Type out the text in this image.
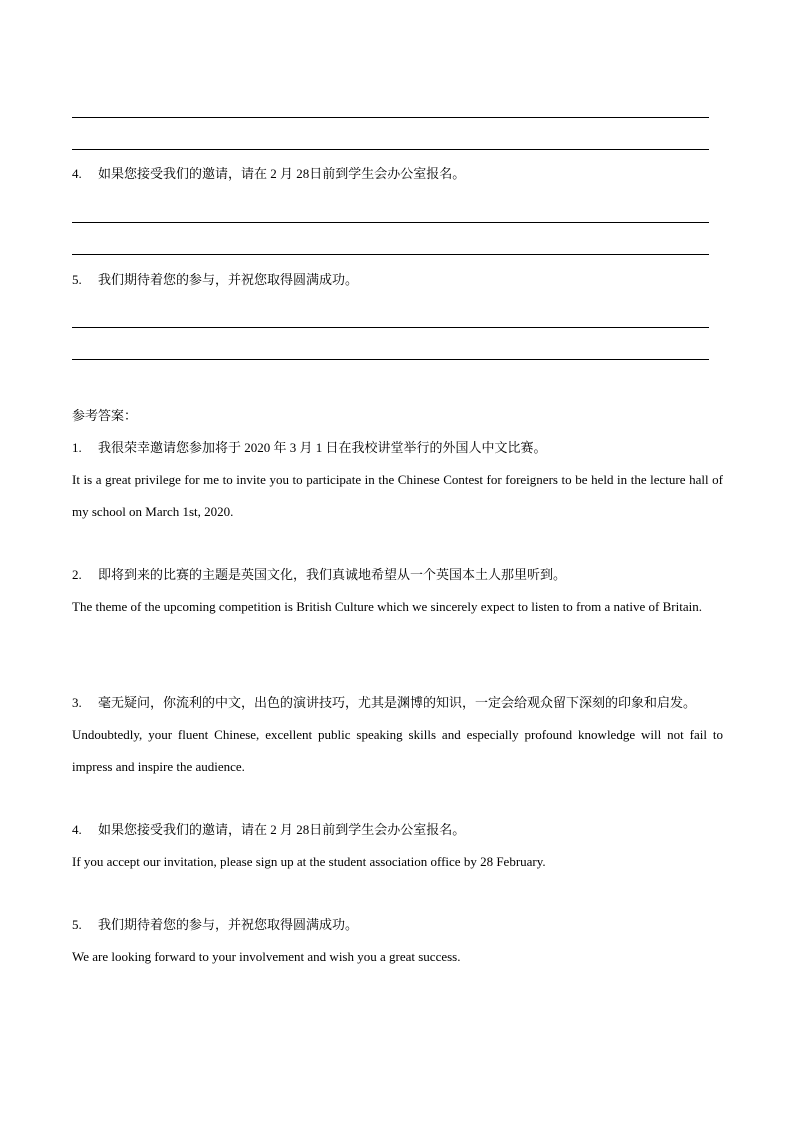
4. 如果您接受我们的邀请，请在 2 月 28日前到学生会办公室报名。
5. 我们期待着您的参与，并祝您取得圆满成功。
参考答案：
1. 我很荣幸邀请您参加将于 2020 年 3 月 1 日在我校讲堂举行的外国人中文比赛。
It is a great privilege for me to invite you to participate in the Chinese Contest for foreigners to be held in the lecture hall of my school on March 1st, 2020.
2. 即将到来的比赛的主题是英国文化，我们真诚地希望从一个英国本土人那里听到。
The theme of the upcoming competition is British Culture which we sincerely expect to listen to from a native of Britain.
3. 毫无疑问，你流利的中文，出色的演讲技巧，尤其是渊博的知识，一定会给观众留下深刻的印象和启发。
Undoubtedly, your fluent Chinese, excellent public speaking skills and especially profound knowledge will not fail to impress and inspire the audience.
4. 如果您接受我们的邀请，请在 2 月 28日前到学生会办公室报名。
If you accept our invitation, please sign up at the student association office by 28 February.
5. 我们期待着您的参与，并祝您取得圆满成功。
We are looking forward to your involvement and wish you a great success.
